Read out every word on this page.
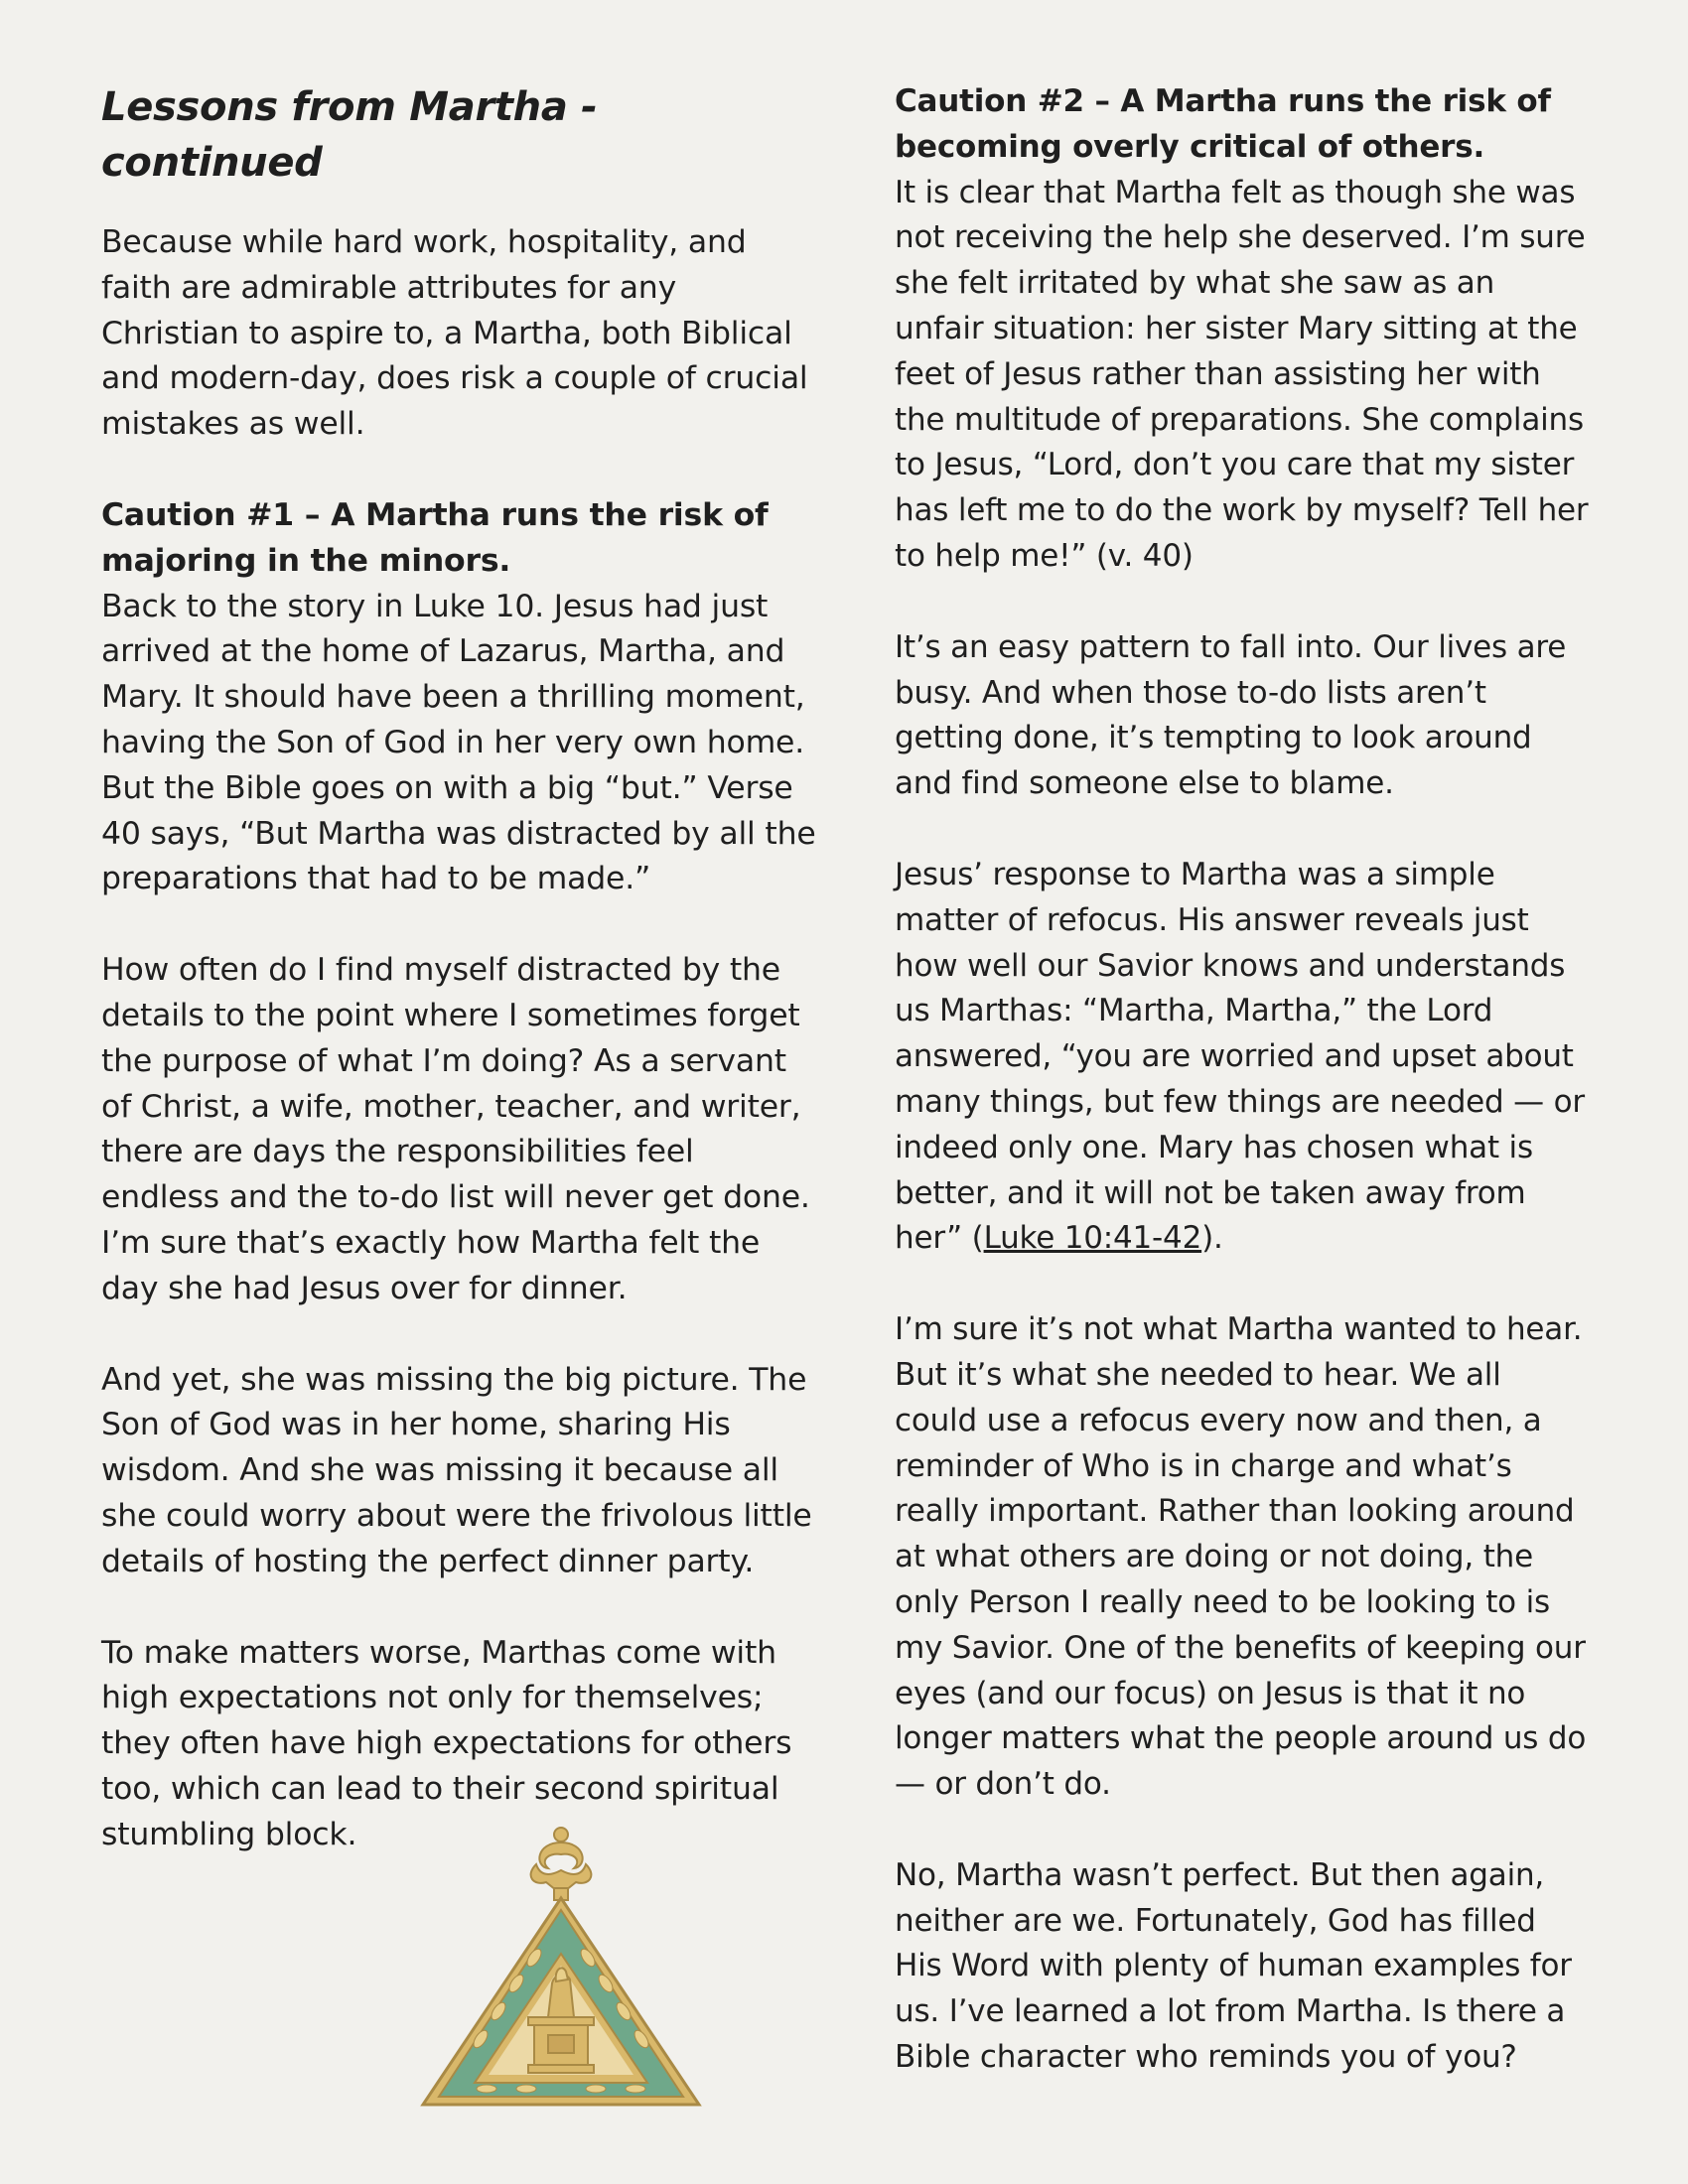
Lessons from Martha - continued

Because while hard work, hospitality, and faith are admirable attributes for any Christian to aspire to, a Martha, both Biblical and modern-day, does risk a couple of crucial mistakes as well.

Caution #1 – A Martha runs the risk of majoring in the minors.
Back to the story in Luke 10. Jesus had just arrived at the home of Lazarus, Martha, and Mary. It should have been a thrilling moment, having the Son of God in her very own home. But the Bible goes on with a big “but.” Verse 40 says, “But Martha was distracted by all the preparations that had to be made.”

How often do I find myself distracted by the details to the point where I sometimes forget the purpose of what I’m doing? As a servant of Christ, a wife, mother, teacher, and writer, there are days the responsibilities feel endless and the to-do list will never get done. I’m sure that’s exactly how Martha felt the day she had Jesus over for dinner.

And yet, she was missing the big picture. The Son of God was in her home, sharing His wisdom. And she was missing it because all she could worry about were the frivolous little details of hosting the perfect dinner party.

To make matters worse, Marthas come with high expectations not only for themselves; they often have high expectations for others too, which can lead to their second spiritual stumbling block.

Caution #2 – A Martha runs the risk of becoming overly critical of others.
It is clear that Martha felt as though she was not receiving the help she deserved. I’m sure she felt irritated by what she saw as an unfair situation: her sister Mary sitting at the feet of Jesus rather than assisting her with the multitude of preparations. She complains to Jesus, “Lord, don’t you care that my sister has left me to do the work by myself? Tell her to help me!” (v. 40)

It’s an easy pattern to fall into. Our lives are busy. And when those to-do lists aren’t getting done, it’s tempting to look around and find someone else to blame.

Jesus’ response to Martha was a simple matter of refocus. His answer reveals just how well our Savior knows and understands us Marthas: “Martha, Martha,” the Lord answered, “you are worried and upset about many things, but few things are needed — or indeed only one. Mary has chosen what is better, and it will not be taken away from her” (Luke 10:41-42).

I’m sure it’s not what Martha wanted to hear. But it’s what she needed to hear. We all could use a refocus every now and then, a reminder of Who is in charge and what’s really important. Rather than looking around at what others are doing or not doing, the only Person I really need to be looking to is my Savior. One of the benefits of keeping our eyes (and our focus) on Jesus is that it no longer matters what the people around us do — or don’t do.

No, Martha wasn’t perfect. But then again, neither are we. Fortunately, God has filled His Word with plenty of human examples for us. I’ve learned a lot from Martha. Is there a Bible character who reminds you of you?
